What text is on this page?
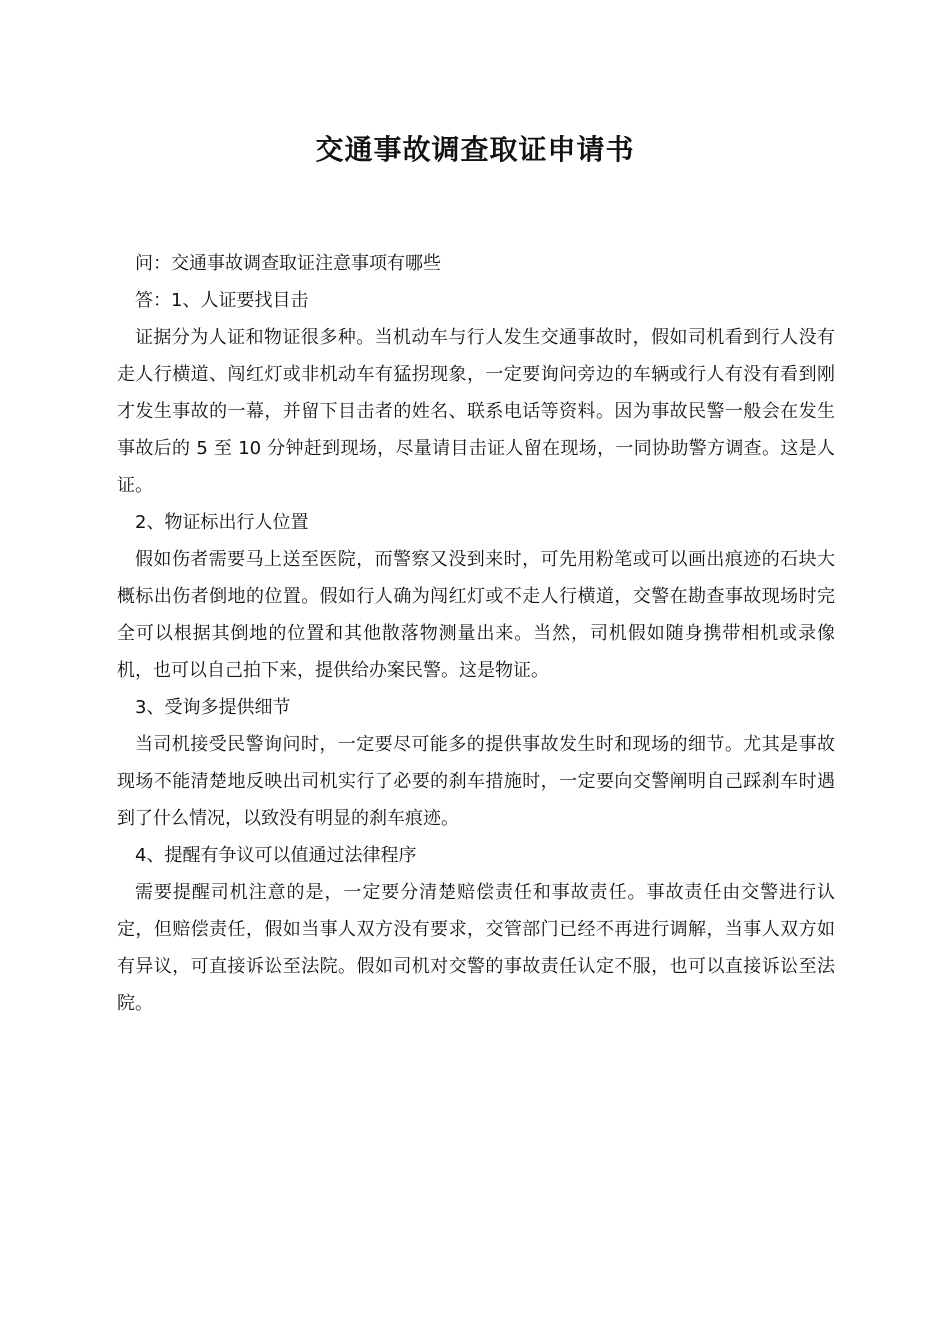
交通事故调查取证申请书

问：交通事故调查取证注意事项有哪些

答：1、人证要找目击

证据分为人证和物证很多种。当机动车与行人发生交通事故时，假如司机看到行人没有走人行横道、闯红灯或非机动车有猛拐现象，一定要询问旁边的车辆或行人有没有看到刚才发生事故的一幕，并留下目击者的姓名、联系电话等资料。因为事故民警一般会在发生事故后的 5 至 10 分钟赶到现场，尽量请目击证人留在现场，一同协助警方调查。这是人证。

2、物证标出行人位置

假如伤者需要马上送至医院，而警察又没到来时，可先用粉笔或可以画出痕迹的石块大概标出伤者倒地的位置。假如行人确为闯红灯或不走人行横道，交警在勘查事故现场时完全可以根据其倒地的位置和其他散落物测量出来。当然，司机假如随身携带相机或录像机，也可以自己拍下来，提供给办案民警。这是物证。

3、受询多提供细节

当司机接受民警询问时，一定要尽可能多的提供事故发生时和现场的细节。尤其是事故现场不能清楚地反映出司机实行了必要的刹车措施时，一定要向交警阐明自己踩刹车时遇到了什么情况，以致没有明显的刹车痕迹。

4、提醒有争议可以值通过法律程序

需要提醒司机注意的是，一定要分清楚赔偿责任和事故责任。事故责任由交警进行认定，但赔偿责任，假如当事人双方没有要求，交管部门已经不再进行调解，当事人双方如有异议，可直接诉讼至法院。假如司机对交警的事故责任认定不服，也可以直接诉讼至法院。
